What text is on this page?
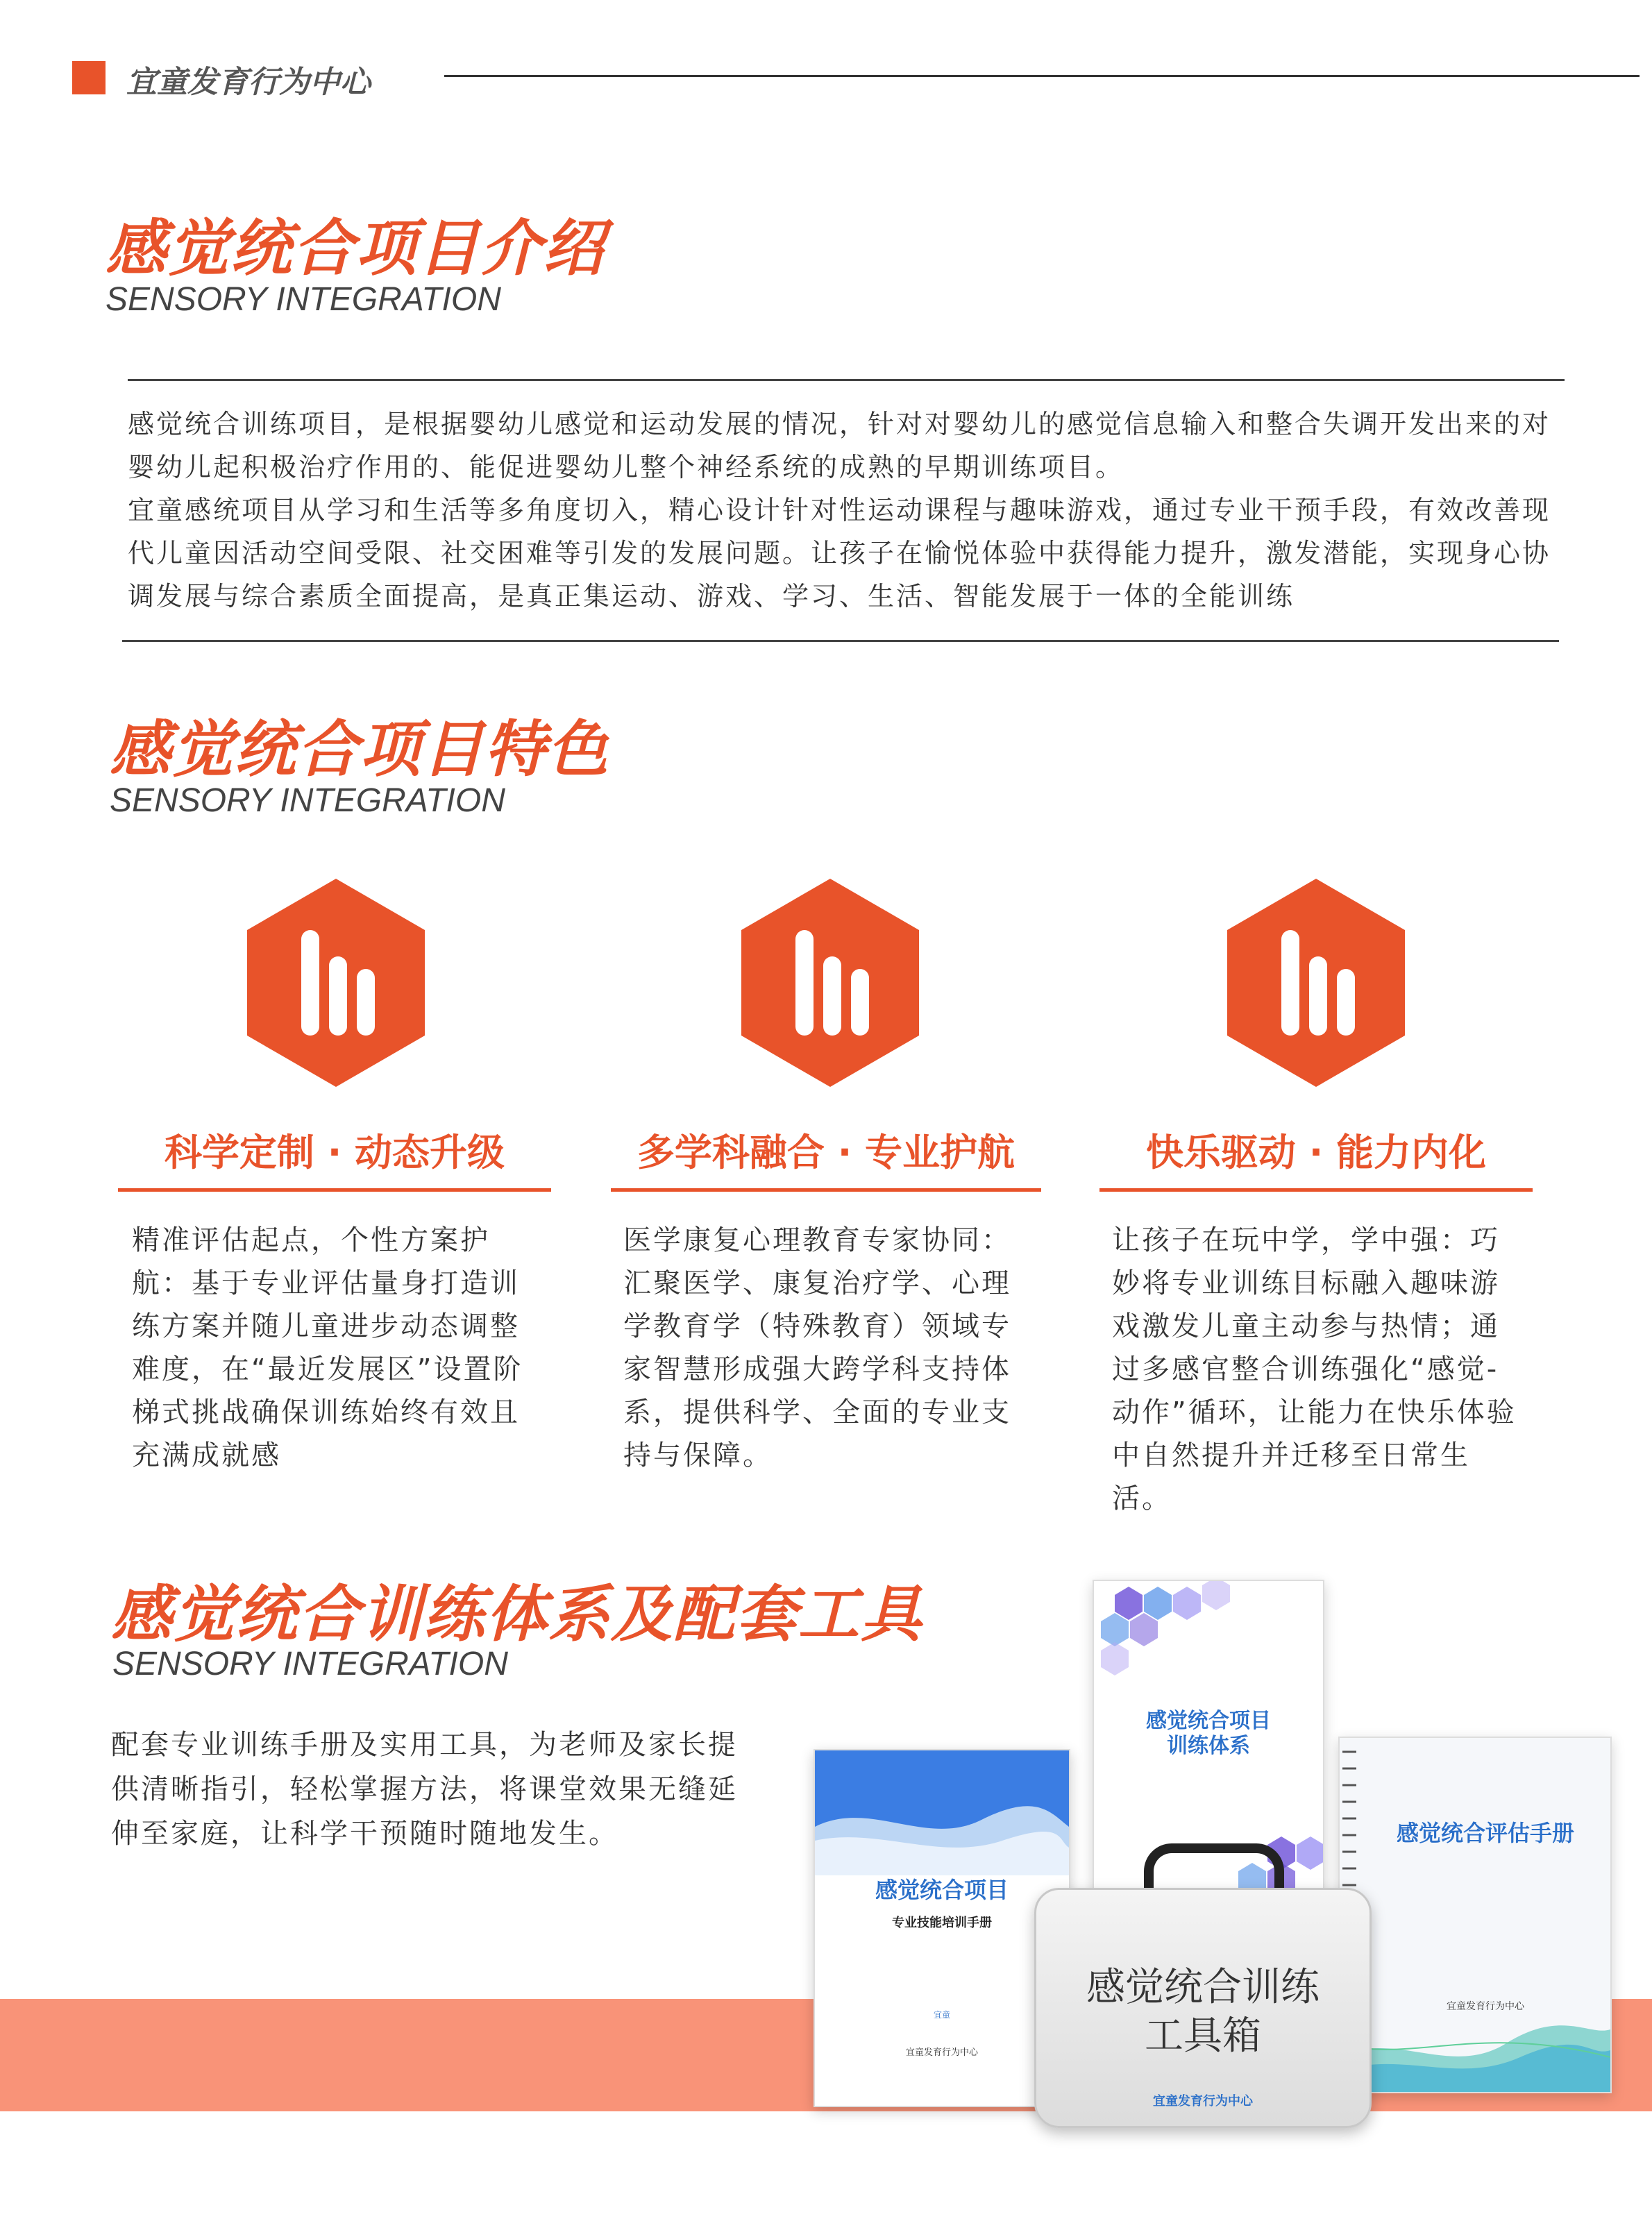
宜童发育行为中心
感觉统合项目介绍
SENSORY INTEGRATION
感觉统合训练项目，是根据婴幼儿感觉和运动发展的情况，针对对婴幼儿的感觉信息输入和整合失调开发出来的对婴幼儿起积极治疗作用的、能促进婴幼儿整个神经系统的成熟的早期训练项目。
宜童感统项目从学习和生活等多角度切入，精心设计针对性运动课程与趣味游戏，通过专业干预手段，有效改善现代儿童因活动空间受限、社交困难等引发的发展问题。让孩子在愉悦体验中获得能力提升，激发潜能，实现身心协调发展与综合素质全面提高，是真正集运动、游戏、学习、生活、智能发展于一体的全能训练
感觉统合项目特色
SENSORY INTEGRATION
科学定制 · 动态升级
精准评估起点，个性方案护航：基于专业评估量身打造训练方案并随儿童进步动态调整难度，在“最近发展区”设置阶梯式挑战确保训练始终有效且充满成就感
多学科融合 · 专业护航
医学康复心理教育专家协同：汇聚医学、康复治疗学、心理学教育学（特殊教育）领域专家智慧形成强大跨学科支持体系，提供科学、全面的专业支持与保障。
快乐驱动 · 能力内化
让孩子在玩中学，学中强：巧妙将专业训练目标融入趣味游戏激发儿童主动参与热情；通过多感官整合训练强化“感觉-动作”循环，让能力在快乐体验中自然提升并迁移至日常生活。
感觉统合训练体系及配套工具
SENSORY INTEGRATION
配套专业训练手册及实用工具，为老师及家长提供清晰指引，轻松掌握方法，将课堂效果无缝延伸至家庭，让科学干预随时随地发生。
感觉统合项目
训练体系
感觉统合评估手册
宜童发育行为中心
感觉统合项目
专业技能培训手册
宜童
宜童发育行为中心
感觉统合训练
工具箱
宜童发育行为中心
